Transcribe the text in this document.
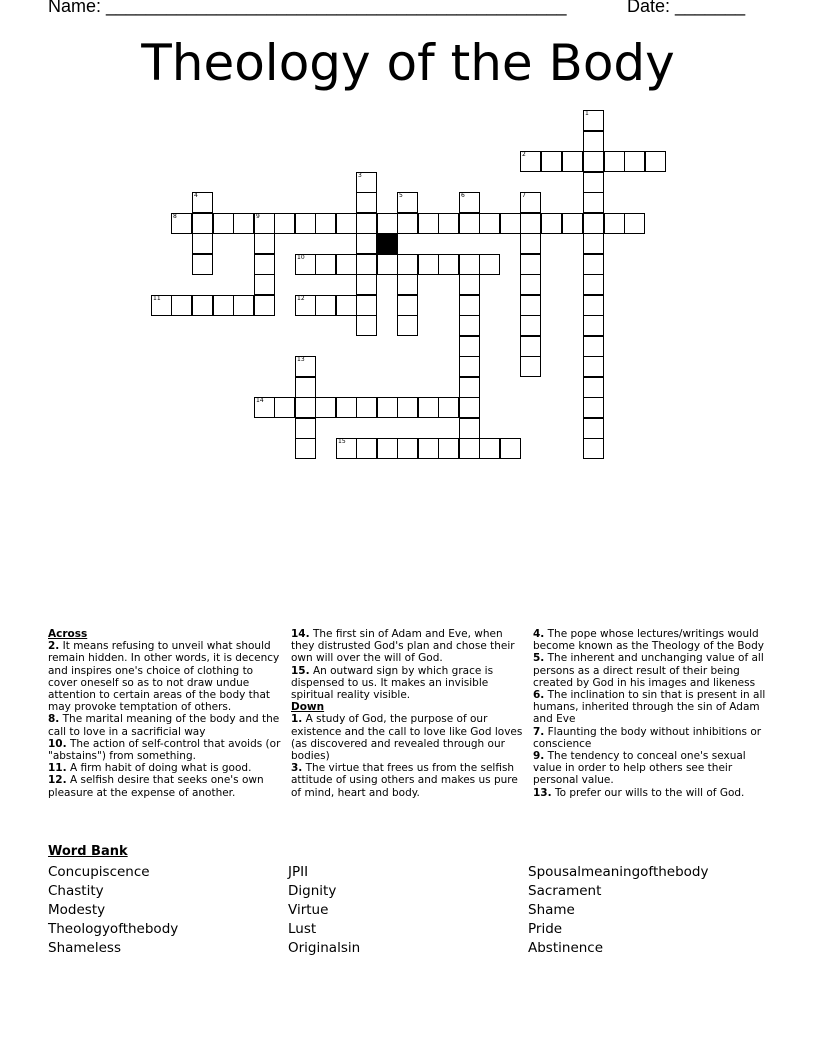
Name: ______________________________________________	Date: _______
Theology of the Body
1
2
3
4	5	6	7
8	9
10
11	12
13
14
15
Across

2. It means refusing to unveil what should remain hidden. In other words, it is decency and inspires one's choice of clothing to cover oneself so as to not draw undue attention to certain areas of the body that may provoke temptation of others.

8. The marital meaning of the body and the call to love in a sacrificial way

10. The action of self-control that avoids (or "abstains") from something.

11. A firm habit of doing what is good.

12. A selfish desire that seeks one's own pleasure at the expense of another.

14. The first sin of Adam and Eve, when they distrusted God's plan and chose their own will over the will of God.

15. An outward sign by which grace is dispensed to us. It makes an invisible spiritual reality visible.

Down

1. A study of God, the purpose of our existence and the call to love like God loves (as discovered and revealed through our bodies)

3. The virtue that frees us from the selfish attitude of using others and makes us pure of mind, heart and body.

4. The pope whose lectures/writings would become known as the Theology of the Body

5. The inherent and unchanging value of all persons as a direct result of their being created by God in his images and likeness

6. The inclination to sin that is present in all humans, inherited through the sin of Adam and Eve

7. Flaunting the body without inhibitions or conscience

9. The tendency to conceal one's sexual value in order to help others see their personal value.

13. To prefer our wills to the will of God.

Word Bank
Concupiscence
Chastity
Modesty
Theologyofthebody
Shameless
JPII
Dignity
Virtue
Lust
Originalsin
Spousalmeaningofthebody
Sacrament
Shame
Pride
Abstinence
